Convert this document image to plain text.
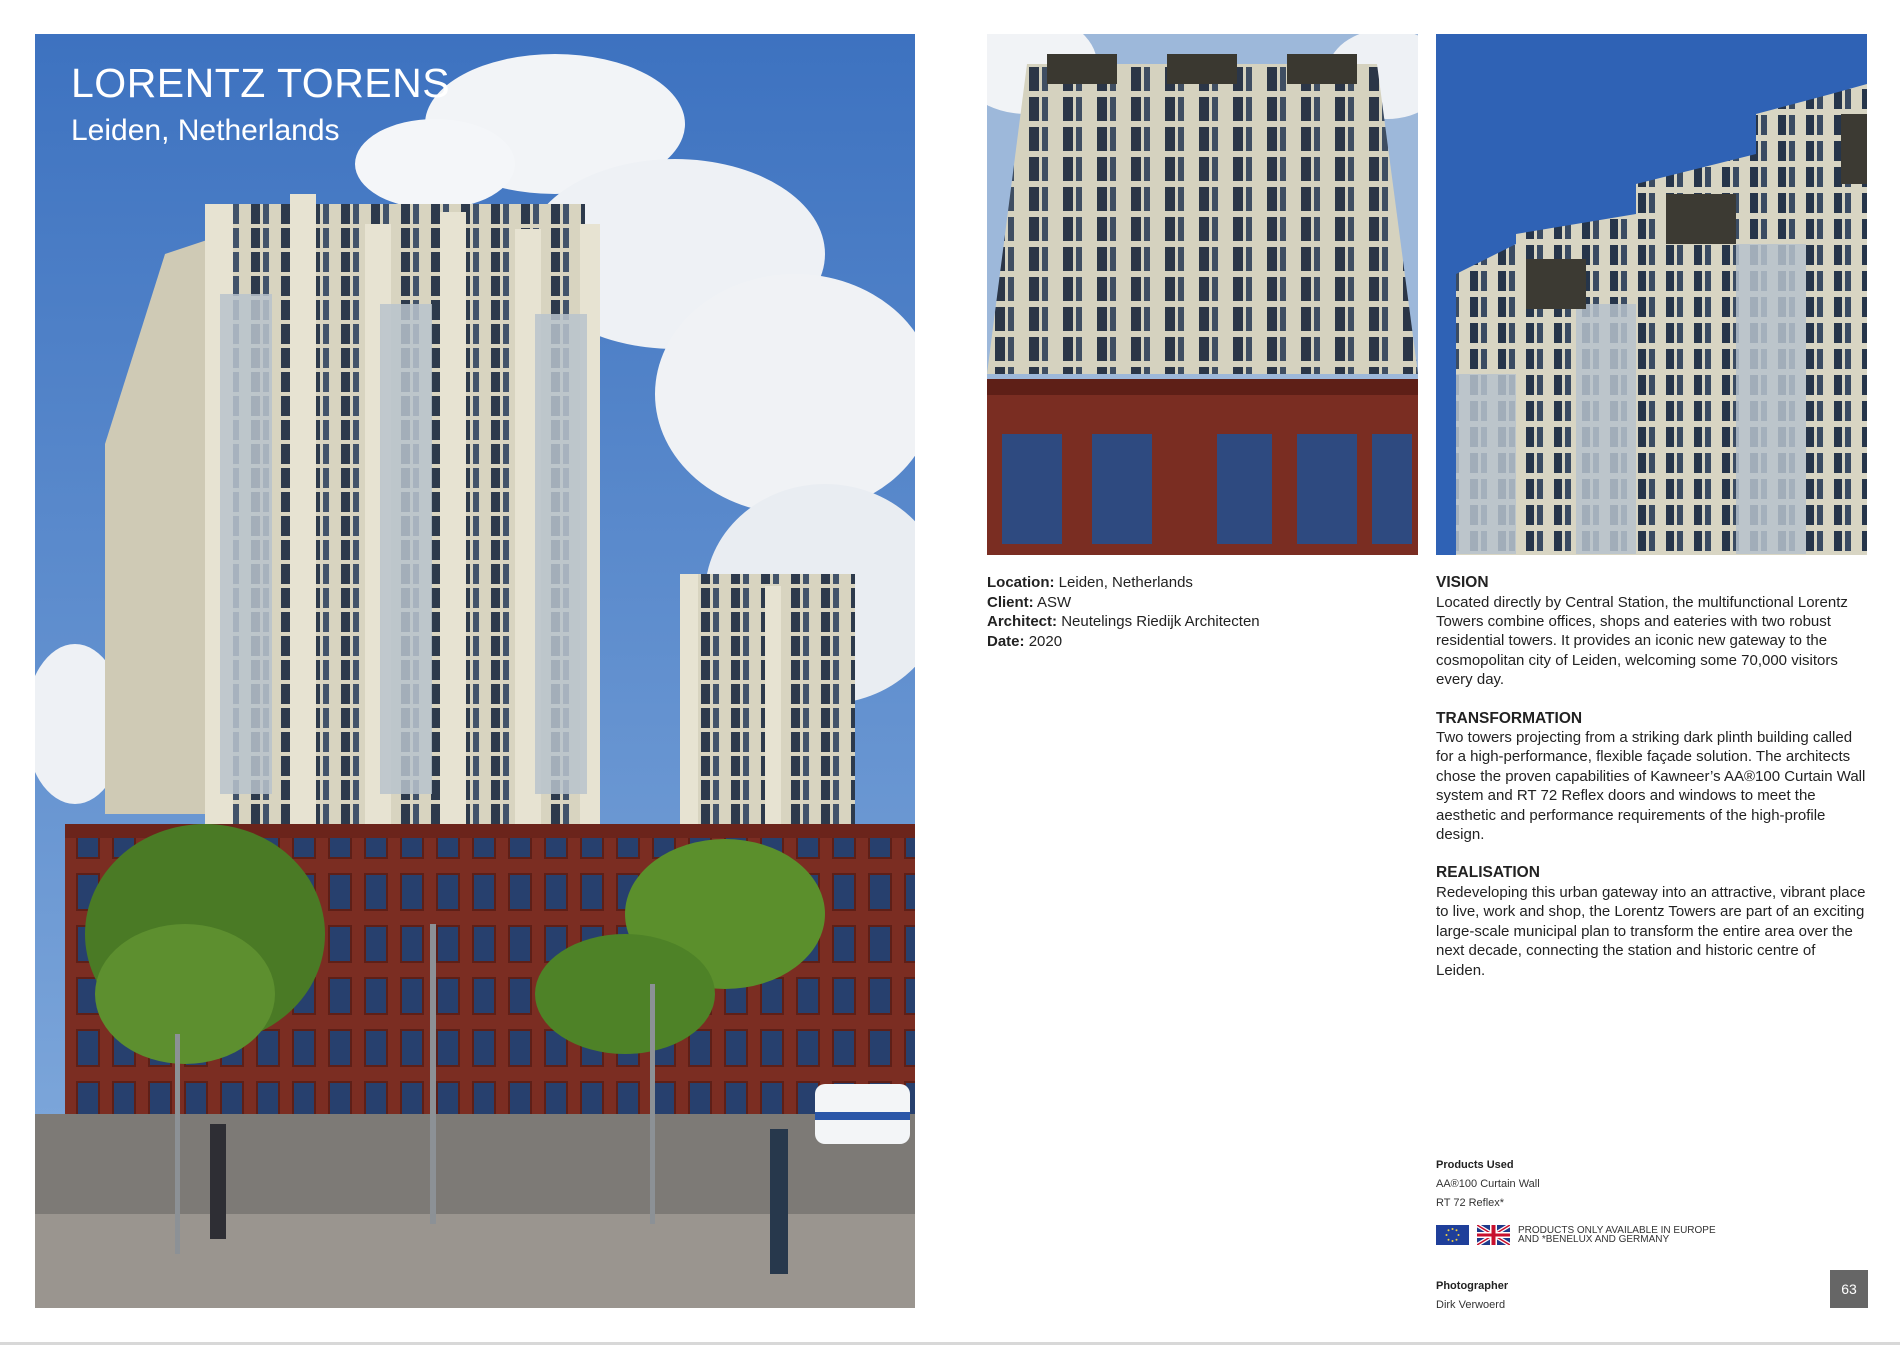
LORENTZ TORENS
Leiden, Netherlands
Location: Leiden, Netherlands
Client: ASW
Architect: Neutelings Riedijk Architecten
Date: 2020
VISION

Located directly by Central Station, the multifunctional Lorentz Towers combine offices, shops and eateries with two robust residential towers. It provides an iconic new gateway to the cosmopolitan city of Leiden, welcoming some 70,000 visitors every day.

TRANSFORMATION

Two towers projecting from a striking dark plinth building called for a high-performance, flexible façade solution. The architects chose the proven capabilities of Kawneer’s AA®100 Curtain Wall system and RT 72 Reflex doors and windows to meet the aesthetic and performance requirements of the high-profile design.

REALISATION

Redeveloping this urban gateway into an attractive, vibrant place to live, work and shop, the Lorentz Towers are part of an exciting large-scale municipal plan to transform the entire area over the next decade, connecting the station and historic centre of Leiden.

Products Used
AA®100 Curtain Wall
RT 72 Reflex*
PRODUCTS ONLY AVAILABLE IN EUROPE
AND *BENELUX AND GERMANY
Photographer
Dirk Verwoerd
63
